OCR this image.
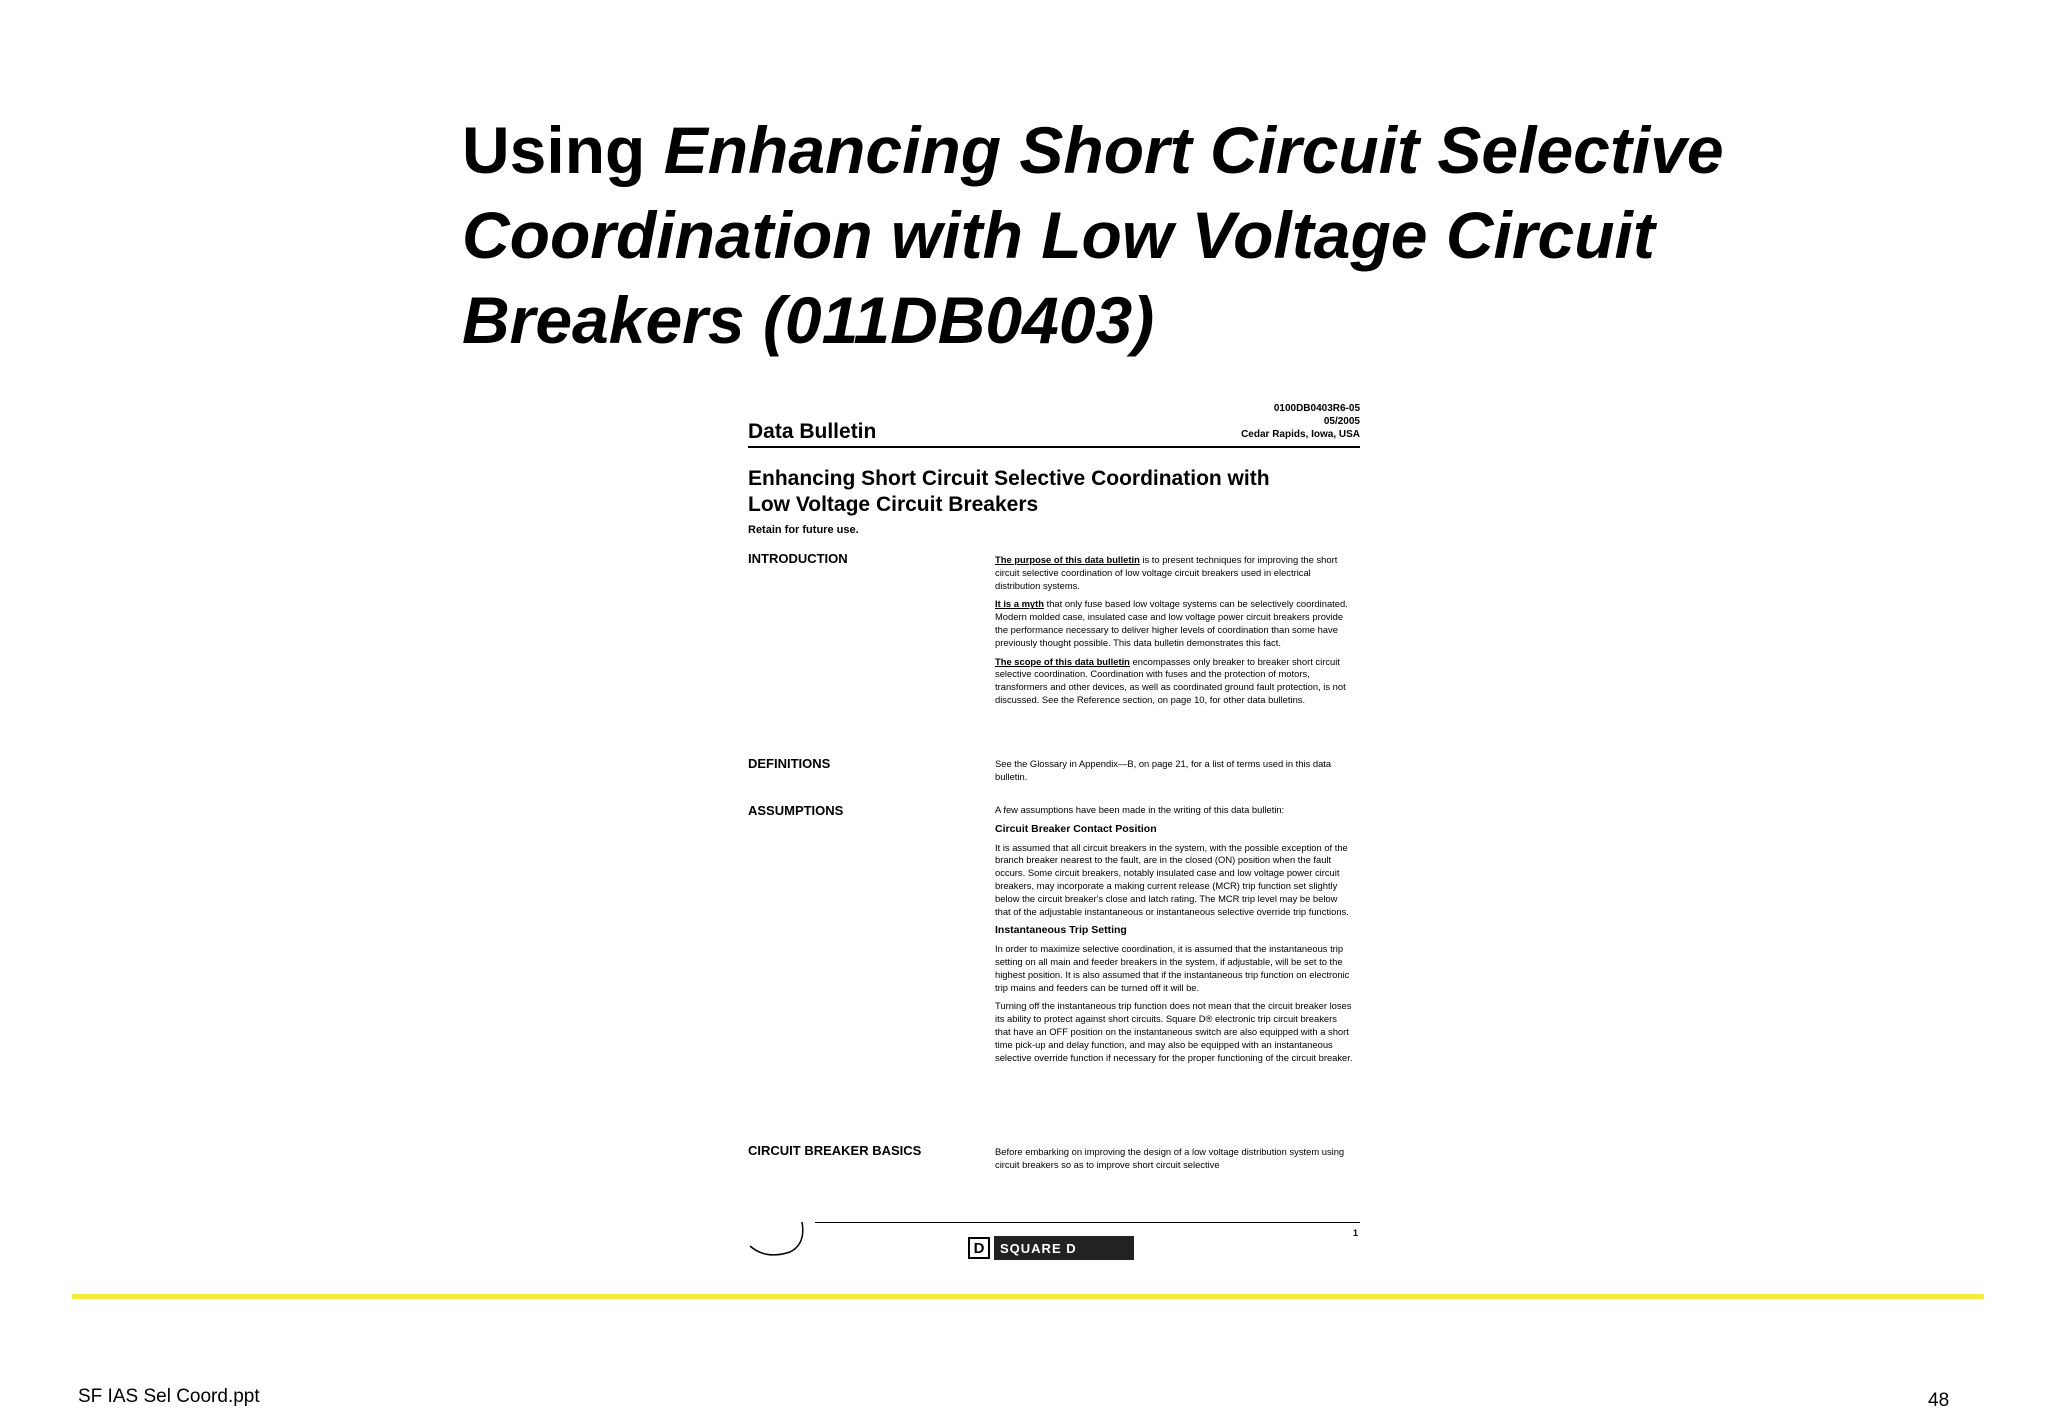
Using Enhancing Short Circuit Selective Coordination with Low Voltage Circuit Breakers (011DB0403)
0100DB0403R6-05
05/2005
Cedar Rapids, Iowa, USA
Data Bulletin
Enhancing Short Circuit Selective Coordination with Low Voltage Circuit Breakers
Retain for future use.
INTRODUCTION	The purpose of this data bulletin is to present techniques for improving the short circuit selective coordination of low voltage circuit breakers used in electrical distribution systems.

It is a myth that only fuse based low voltage systems can be selectively coordinated. Modern molded case, insulated case and low voltage power circuit breakers provide the performance necessary to deliver higher levels of coordination than some have previously thought possible. This data bulletin demonstrates this fact.

The scope of this data bulletin encompasses only breaker to breaker short circuit selective coordination. Coordination with fuses and the protection of motors, transformers and other devices, as well as coordinated ground fault protection, is not discussed. See the Reference section, on page 10, for other data bulletins.

DEFINITIONS	See the Glossary in Appendix—B, on page 21, for a list of terms used in this data bulletin.

ASSUMPTIONS	A few assumptions have been made in the writing of this data bulletin:

Circuit Breaker Contact Position

It is assumed that all circuit breakers in the system, with the possible exception of the branch breaker nearest to the fault, are in the closed (ON) position when the fault occurs. Some circuit breakers, notably insulated case and low voltage power circuit breakers, may incorporate a making current release (MCR) trip function set slightly below the circuit breaker's close and latch rating. The MCR trip level may be below that of the adjustable instantaneous or instantaneous selective override trip functions.

Instantaneous Trip Setting

In order to maximize selective coordination, it is assumed that the instantaneous trip setting on all main and feeder breakers in the system, if adjustable, will be set to the highest position. It is also assumed that if the instantaneous trip function on electronic trip mains and feeders can be turned off it will be.

Turning off the instantaneous trip function does not mean that the circuit breaker loses its ability to protect against short circuits. Square D® electronic trip circuit breakers that have an OFF position on the instantaneous switch are also equipped with a short time pick-up and delay function, and may also be equipped with an instantaneous selective override function if necessary for the proper functioning of the circuit breaker.

CIRCUIT BREAKER BASICS	Before embarking on improving the design of a low voltage distribution system using circuit breakers so as to improve short circuit selective

D	SQUARE D
1
SF IAS Sel Coord.ppt	48
